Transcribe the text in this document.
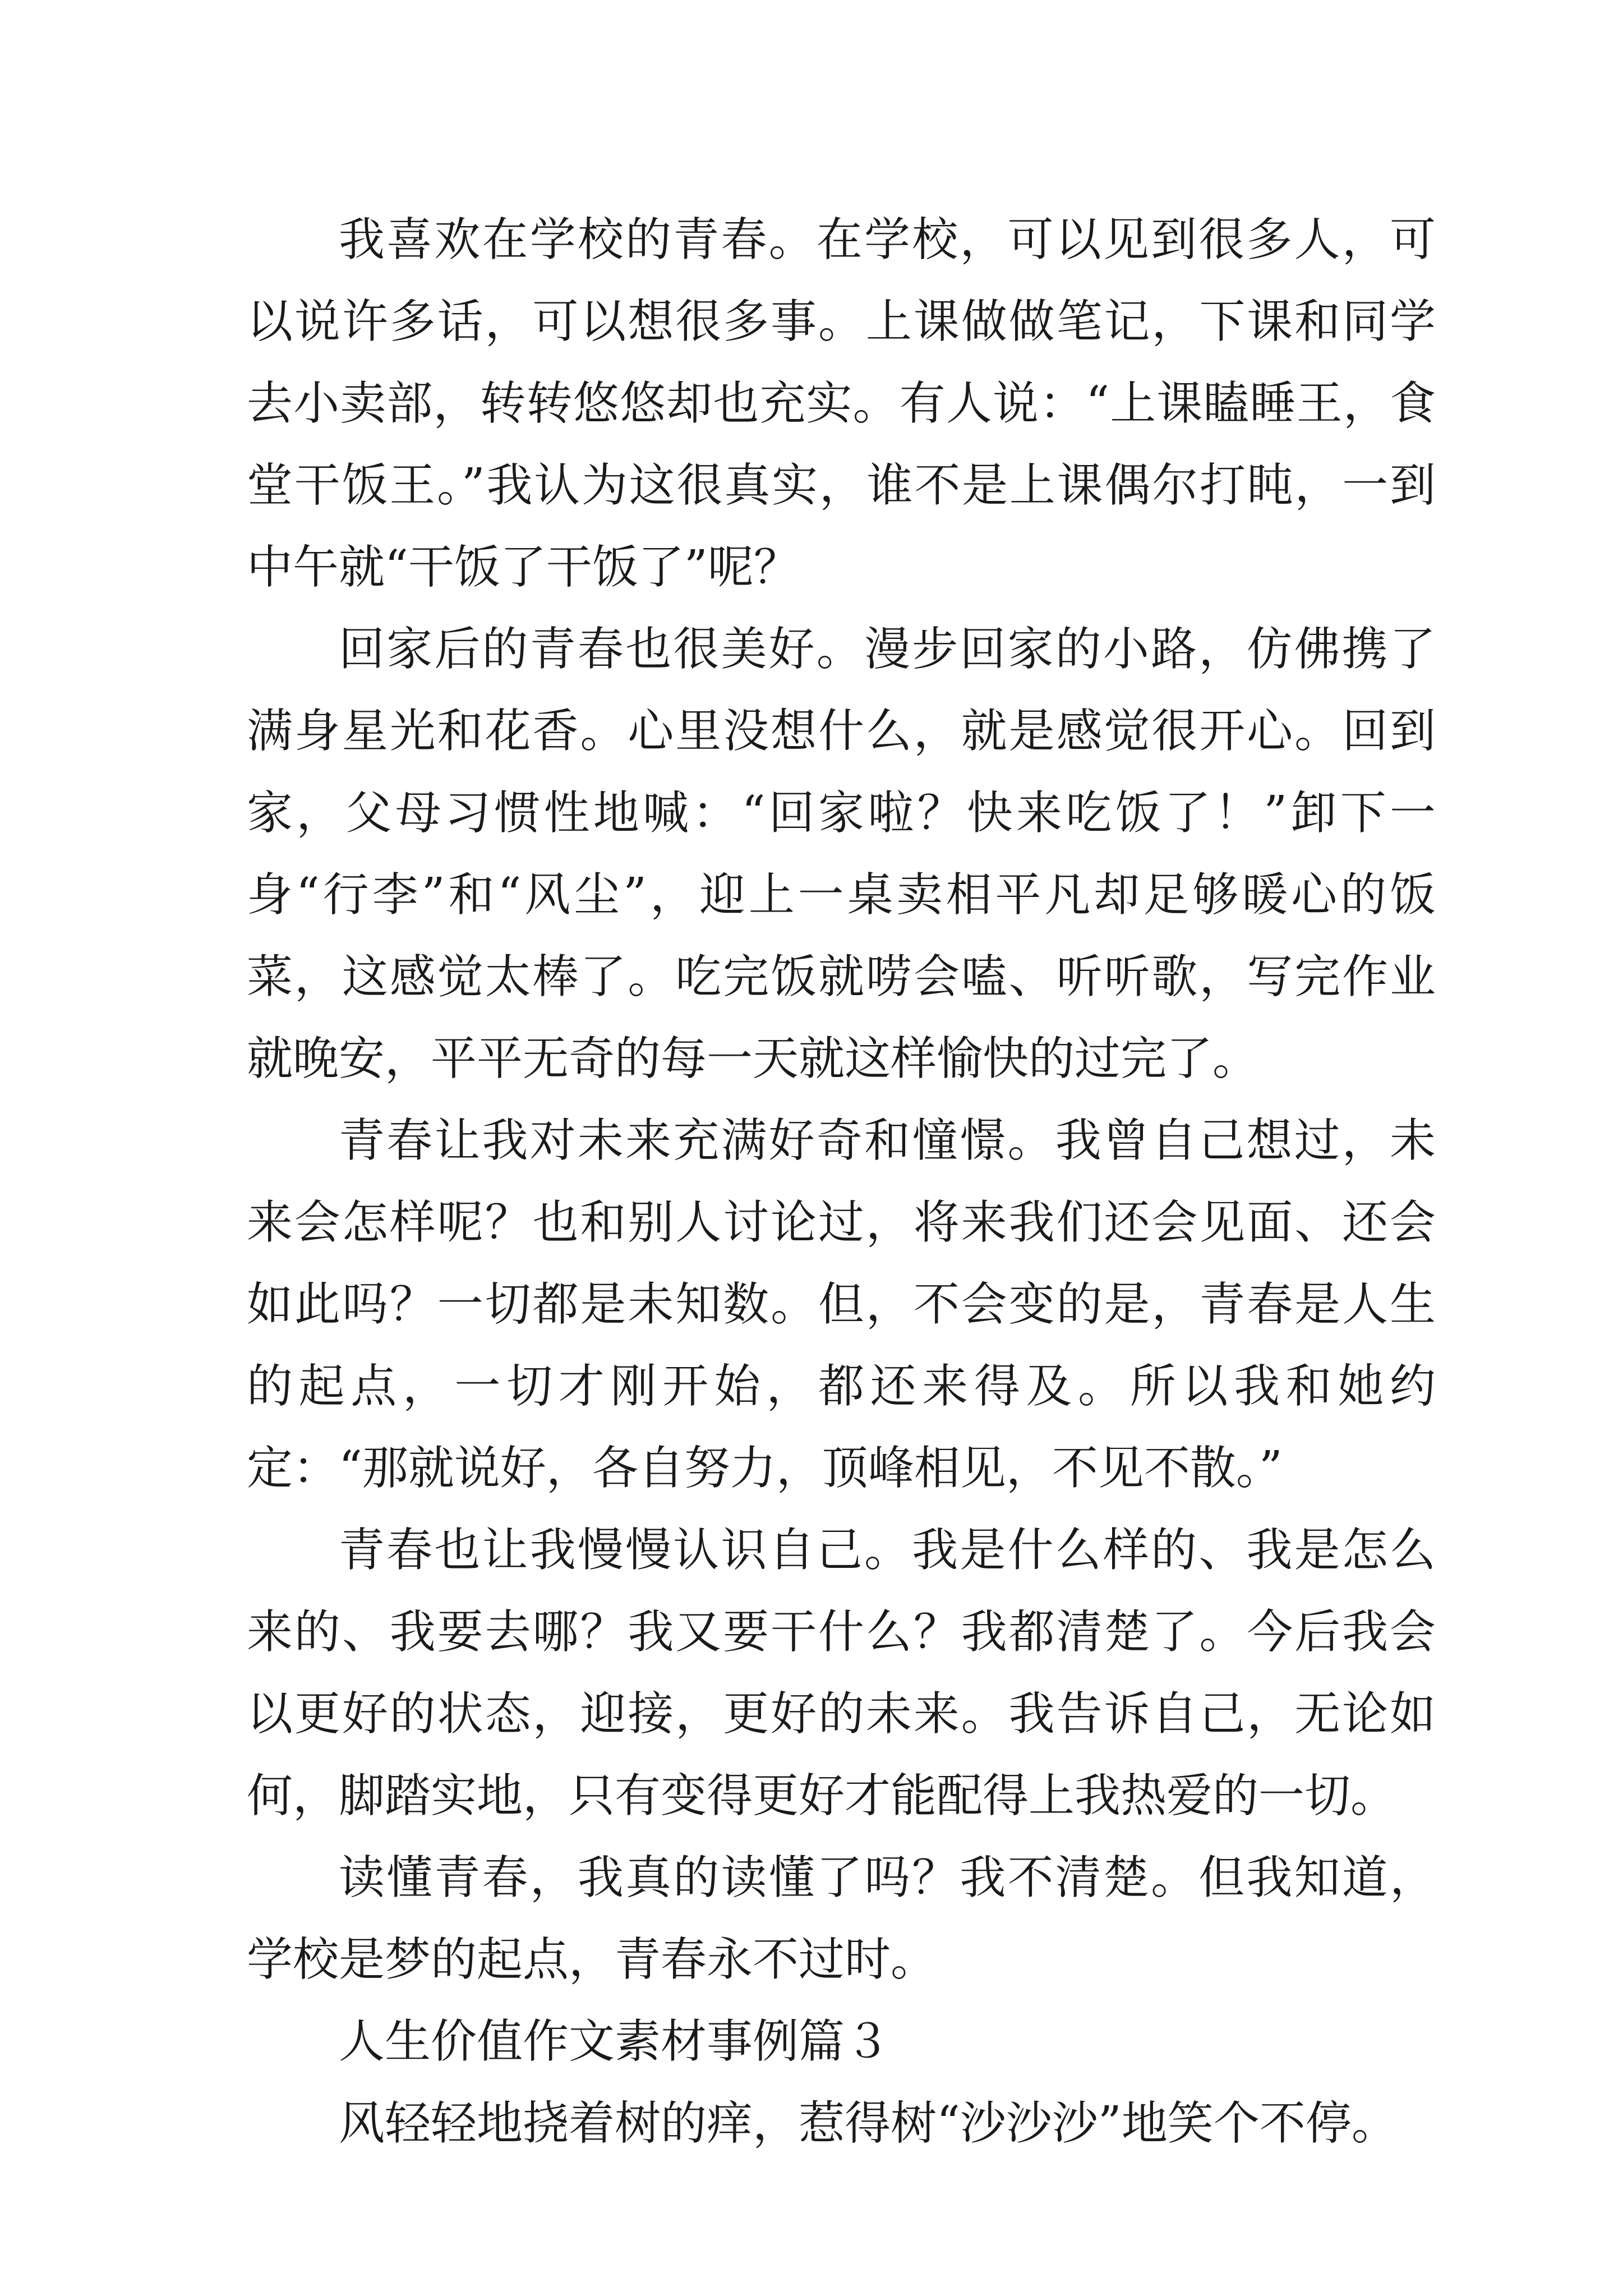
我喜欢在学校的青春。在学校，可以见到很多人，可以说许多话，可以想很多事。上课做做笔记，下课和同学去小卖部，转转悠悠却也充实。有人说：“上课瞌睡王，食堂干饭王。”我认为这很真实，谁不是上课偶尔打盹，一到中午就“干饭了干饭了”呢？

回家后的青春也很美好。漫步回家的小路，仿佛携了满身星光和花香。心里没想什么，就是感觉很开心。回到家，父母习惯性地喊：“回家啦？快来吃饭了！”卸下一身“行李”和“风尘”，迎上一桌卖相平凡却足够暖心的饭菜，这感觉太棒了。吃完饭就唠会嗑、听听歌，写完作业就晚安，平平无奇的每一天就这样愉快的过完了。

青春让我对未来充满好奇和憧憬。我曾自己想过，未来会怎样呢？也和别人讨论过，将来我们还会见面、还会如此吗？一切都是未知数。但，不会变的是，青春是人生的起点，一切才刚开始，都还来得及。所以我和她约定：“那就说好，各自努力，顶峰相见，不见不散。”

青春也让我慢慢认识自己。我是什么样的、我是怎么来的、我要去哪？我又要干什么？我都清楚了。今后我会以更好的状态，迎接，更好的未来。我告诉自己，无论如何，脚踏实地，只有变得更好才能配得上我热爱的一切。

读懂青春，我真的读懂了吗？我不清楚。但我知道，学校是梦的起点，青春永不过时。

人生价值作文素材事例篇３

风轻轻地挠着树的痒，惹得树“沙沙沙”地笑个不停。
